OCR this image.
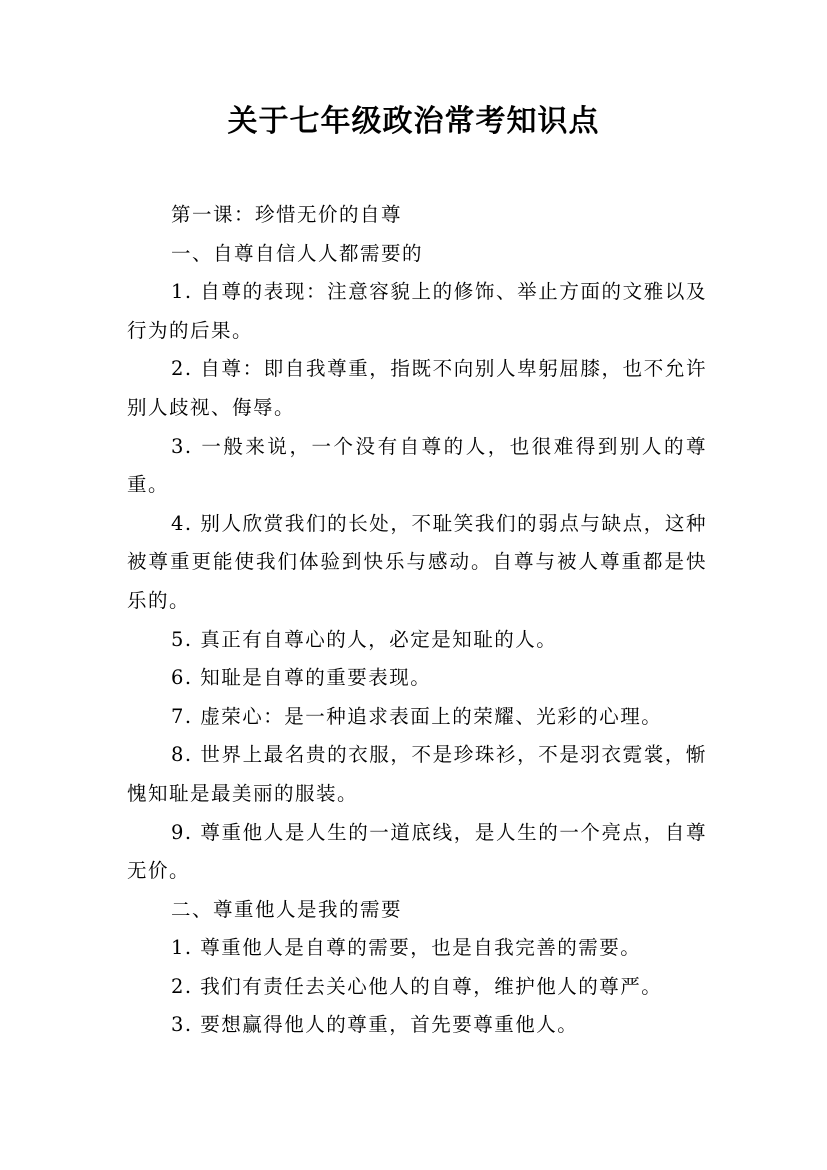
关于七年级政治常考知识点

第一课：珍惜无价的自尊

一、自尊自信人人都需要的

1. 自尊的表现：注意容貌上的修饰、举止方面的文雅以及行为的后果。

2. 自尊：即自我尊重，指既不向别人卑躬屈膝，也不允许别人歧视、侮辱。

3. 一般来说，一个没有自尊的人，也很难得到别人的尊重。

4. 别人欣赏我们的长处，不耻笑我们的弱点与缺点，这种被尊重更能使我们体验到快乐与感动。自尊与被人尊重都是快乐的。

5. 真正有自尊心的人，必定是知耻的人。

6. 知耻是自尊的重要表现。

7. 虚荣心：是一种追求表面上的荣耀、光彩的心理。

8. 世界上最名贵的衣服，不是珍珠衫，不是羽衣霓裳，惭愧知耻是最美丽的服装。

9. 尊重他人是人生的一道底线，是人生的一个亮点，自尊无价。

二、尊重他人是我的需要

1. 尊重他人是自尊的需要，也是自我完善的需要。

2. 我们有责任去关心他人的自尊，维护他人的尊严。

3. 要想赢得他人的尊重，首先要尊重他人。
